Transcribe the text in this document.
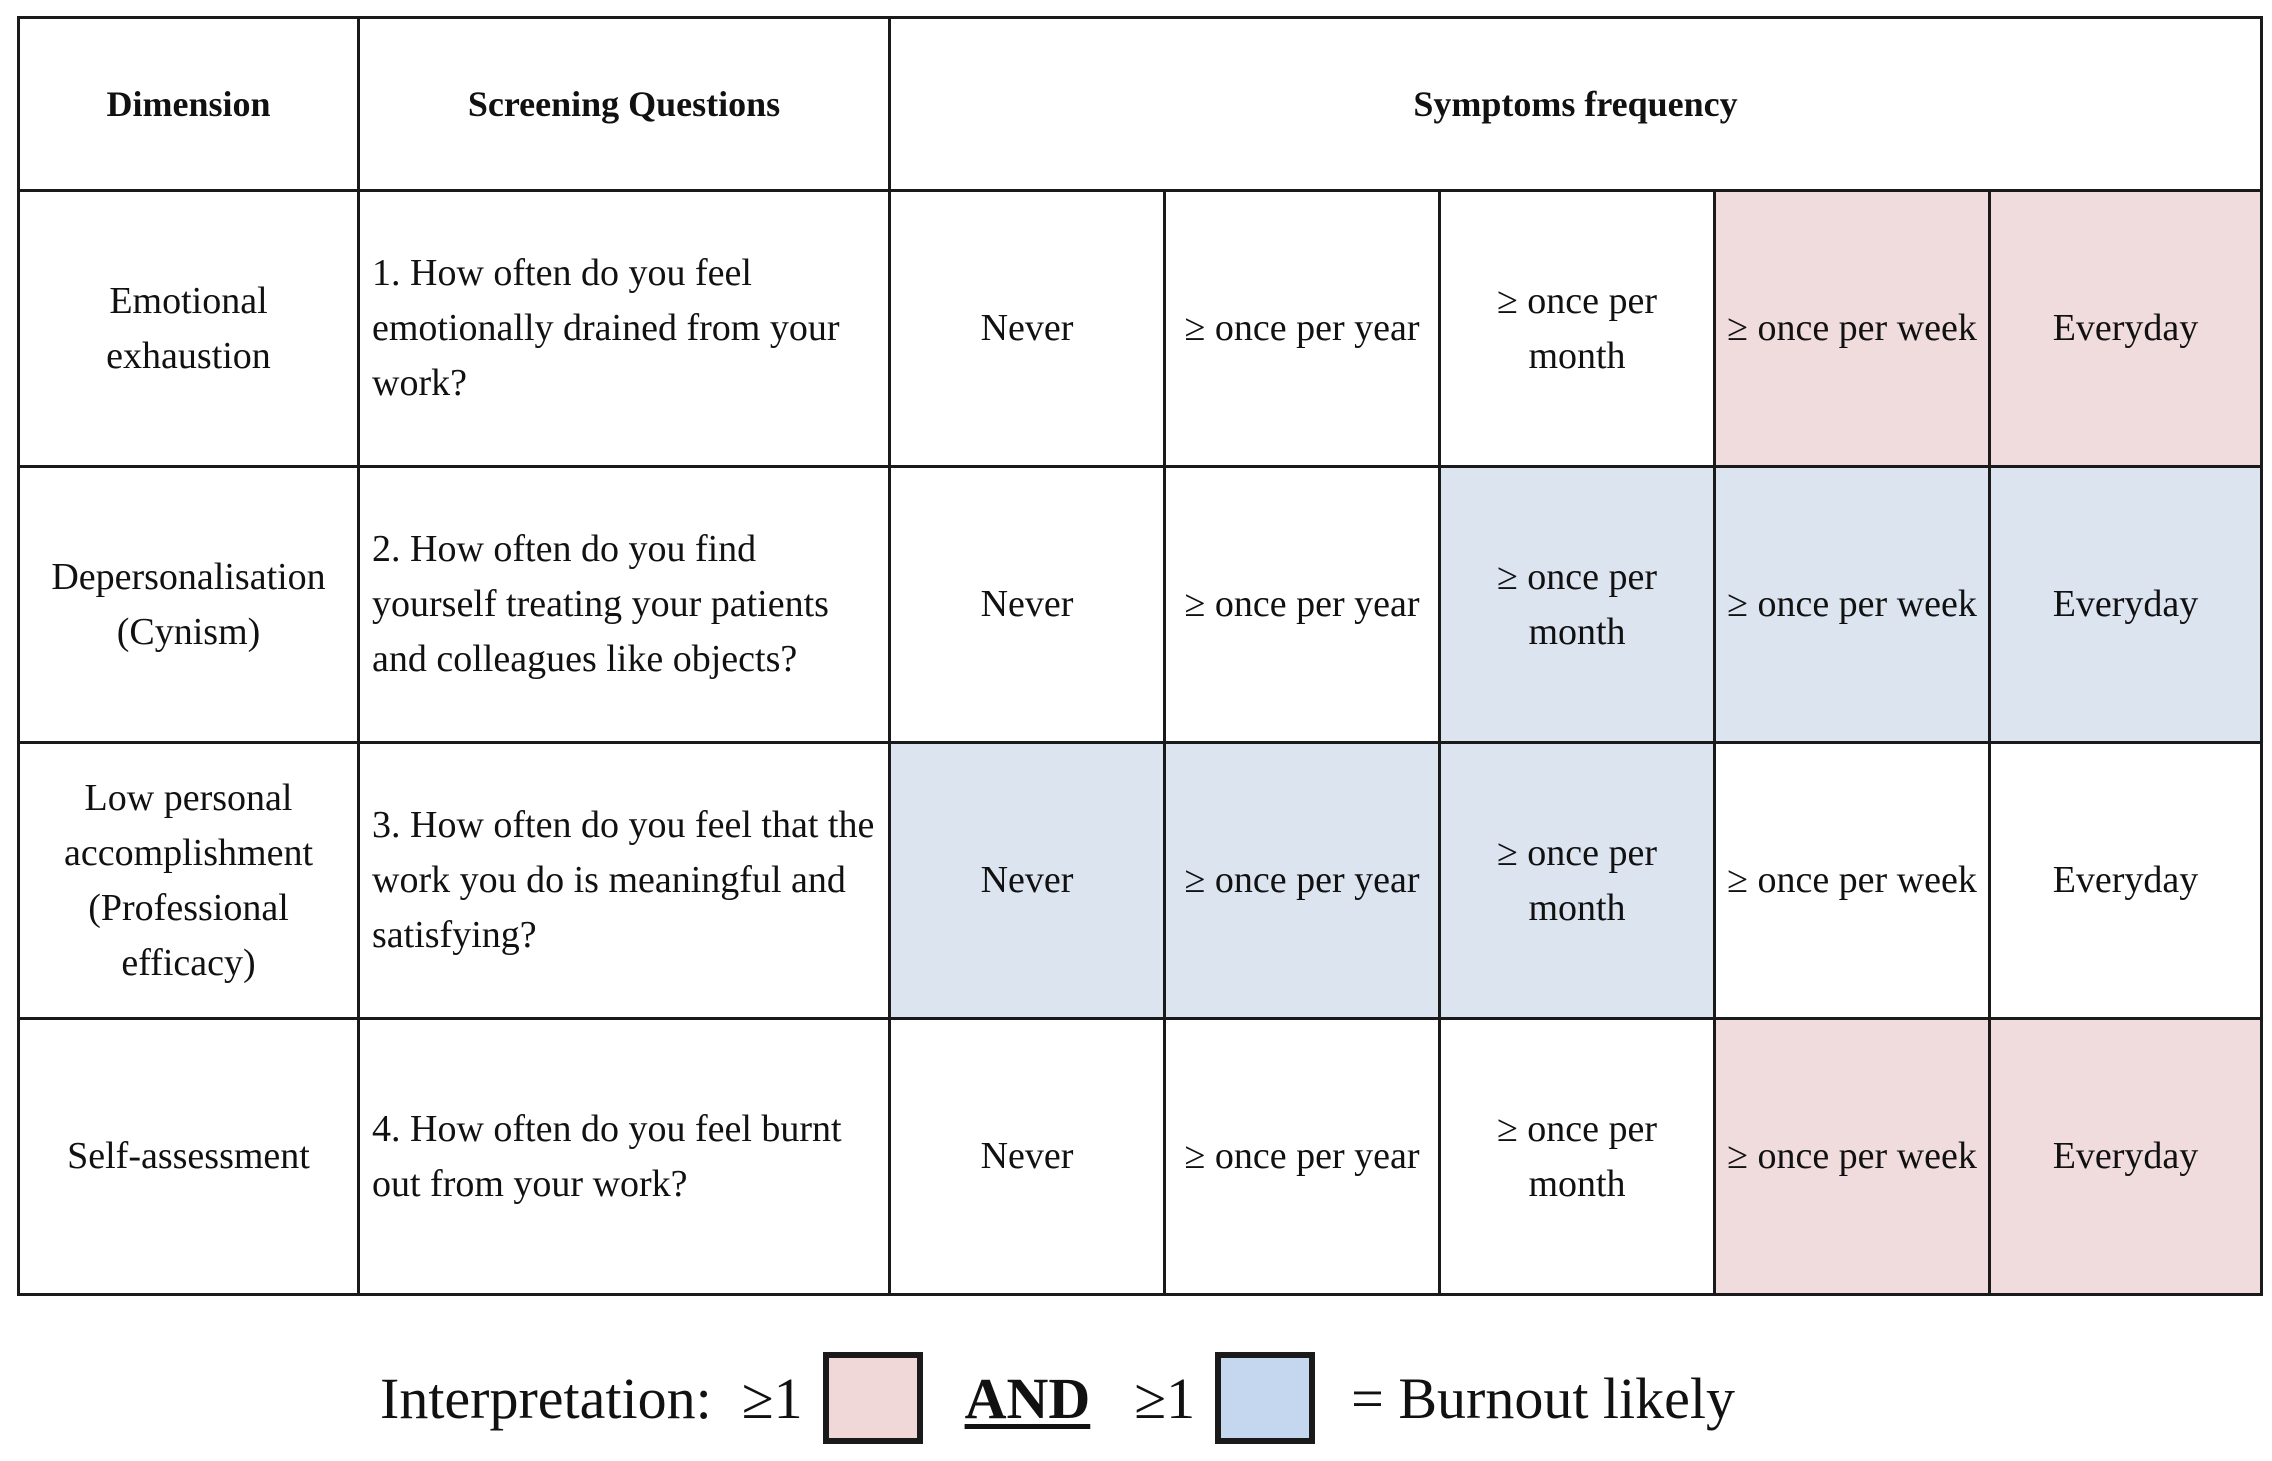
Dimension	Screening Questions	Symptoms frequency				
Emotional exhaustion	1. How often do you feel emotionally drained from your work?	Never	≥ once per year	≥ once per month	≥ once per week	Everyday
Depersonalisation (Cynism)	2. How often do you find yourself treating your patients and colleagues like objects?	Never	≥ once per year	≥ once per month	≥ once per week	Everyday
Low personal accomplishment (Professional efficacy)	3. How often do you feel that the work you do is meaningful and satisfying?	Never	≥ once per year	≥ once per month	≥ once per week	Everyday
Self-assessment	4. How often do you feel burnt out from your work?	Never	≥ once per year	≥ once per month	≥ once per week	Everyday
Interpretation: ≥1	AND ≥1	= Burnout likely
